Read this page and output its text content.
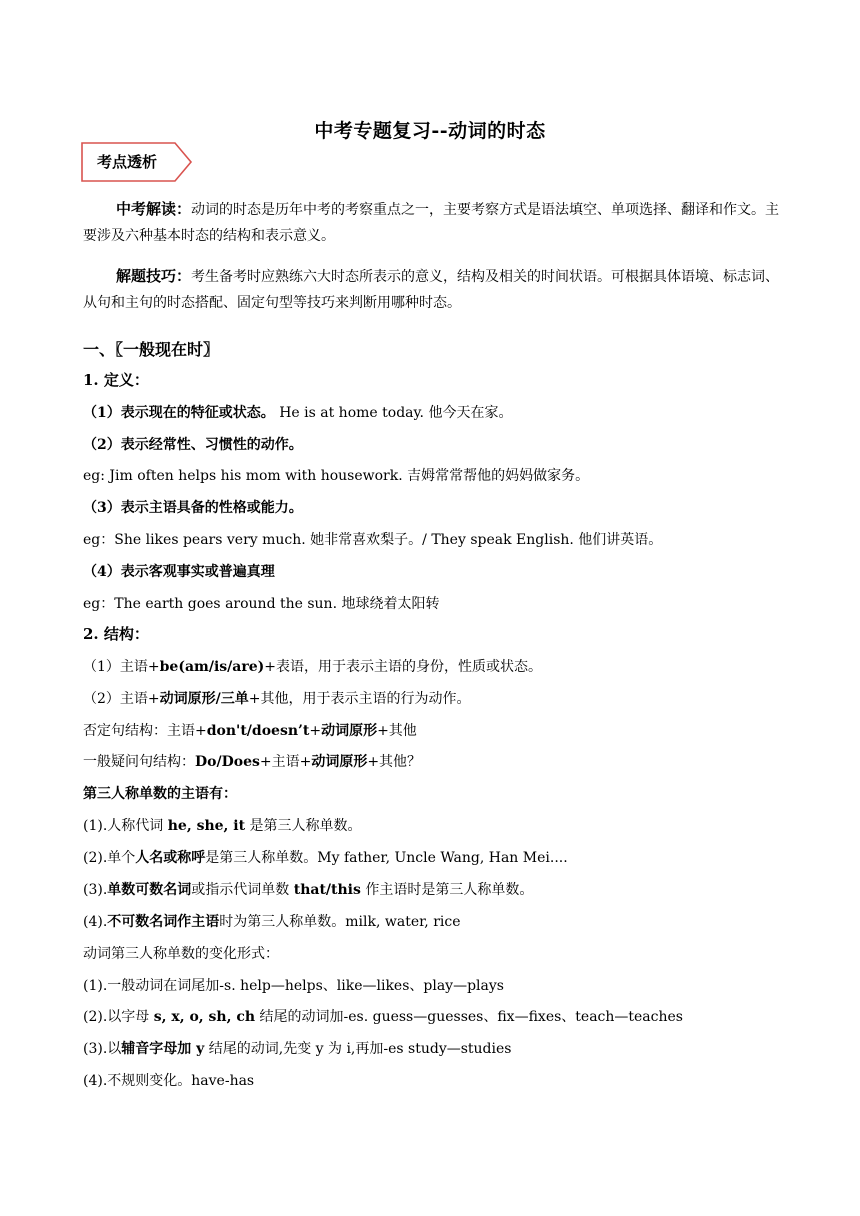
中考专题复习--动词的时态
考点透析
中考解读：动词的时态是历年中考的考察重点之一，主要考察方式是语法填空、单项选择、翻译和作文。主要涉及六种基本时态的结构和表示意义。
解题技巧：考生备考时应熟练六大时态所表示的意义，结构及相关的时间状语。可根据具体语境、标志词、从句和主句的时态搭配、固定句型等技巧来判断用哪种时态。
一、〖一般现在时〗
1. 定义：
（1）表示现在的特征或状态。 He is at home today. 他今天在家。
（2）表示经常性、习惯性的动作。
eg: Jim often helps his mom with housework. 吉姆常常帮他的妈妈做家务。
（3）表示主语具备的性格或能力。
eg：She likes pears very much. 她非常喜欢梨子。/ They speak English. 他们讲英语。
（4）表示客观事实或普遍真理
eg：The earth goes around the sun. 地球绕着太阳转
2. 结构：
（1）主语+be(am/is/are)+表语，用于表示主语的身份，性质或状态。
（2）主语+动词原形/三单+其他，用于表示主语的行为动作。
否定句结构：主语+don't/doesn’t+动词原形+其他
一般疑问句结构：Do/Does+主语+动词原形+其他？
第三人称单数的主语有：
(1).人称代词 he, she, it 是第三人称单数。
(2).单个人名或称呼是第三人称单数。My father, Uncle Wang, Han Mei....
(3).单数可数名词或指示代词单数 that/this 作主语时是第三人称单数。
(4).不可数名词作主语时为第三人称单数。milk, water, rice
动词第三人称单数的变化形式：
(1).一般动词在词尾加-s. help—helps、like—likes、play—plays
(2).以字母 s, x, o, sh, ch 结尾的动词加-es. guess—guesses、fix—fixes、teach—teaches
(3).以辅音字母加 y 结尾的动词,先变 y 为 i,再加-es study—studies
(4).不规则变化。have-has
